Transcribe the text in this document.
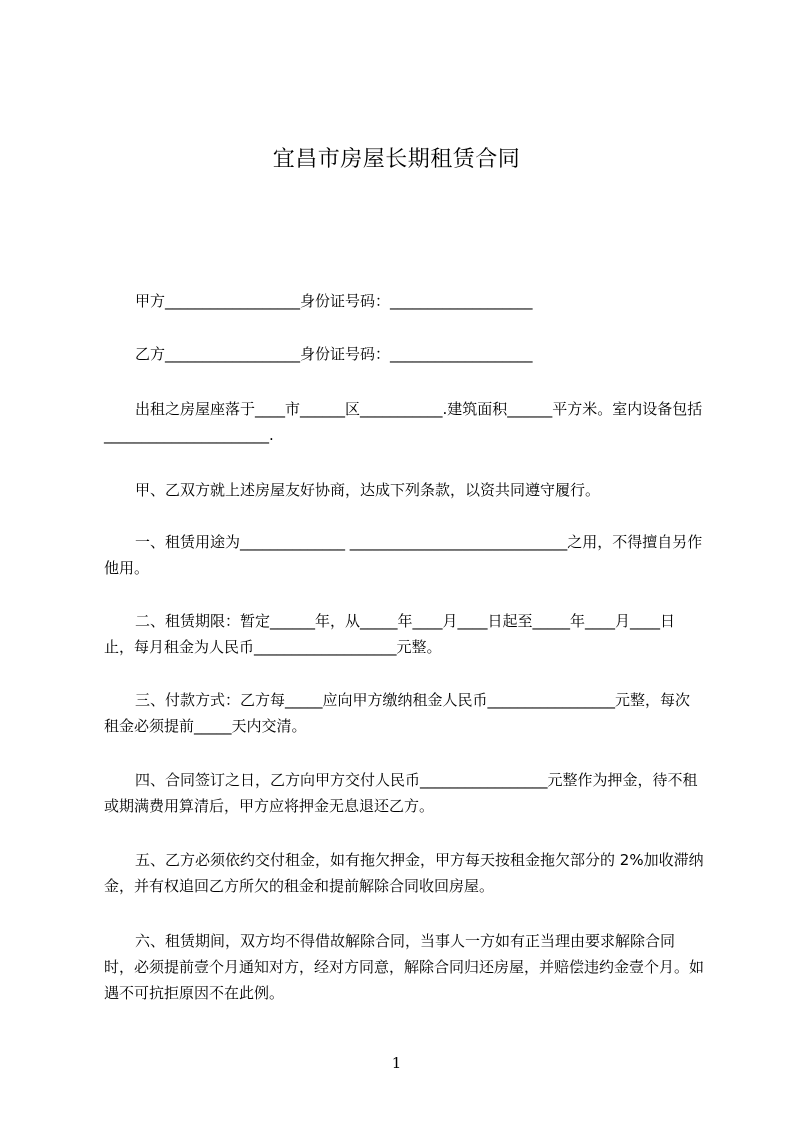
宜昌市房屋长期租赁合同

甲方__________________身份证号码：___________________

乙方__________________身份证号码：___________________

出租之房屋座落于____市______区___________.建筑面积______平方米。室内设备包括______________________.

甲、乙双方就上述房屋友好协商，达成下列条款，以资共同遵守履行。

一、租赁用途为______________ _____________________________之用，不得擅自另作他用。

二、租赁期限：暂定______年，从_____年____月____日起至_____年____月____日止，每月租金为人民币___________________元整。

三、付款方式：乙方每_____应向甲方缴纳租金人民币_________________元整，每次租金必须提前_____天内交清。

四、合同签订之日，乙方向甲方交付人民币_________________元整作为押金，待不租或期满费用算清后，甲方应将押金无息退还乙方。

五、乙方必须依约交付租金，如有拖欠押金，甲方每天按租金拖欠部分的 2%加收滞纳金，并有权追回乙方所欠的租金和提前解除合同收回房屋。

六、租赁期间，双方均不得借故解除合同，当事人一方如有正当理由要求解除合同时，必须提前壹个月通知对方，经对方同意，解除合同归还房屋，并赔偿违约金壹个月。如遇不可抗拒原因不在此例。

1
